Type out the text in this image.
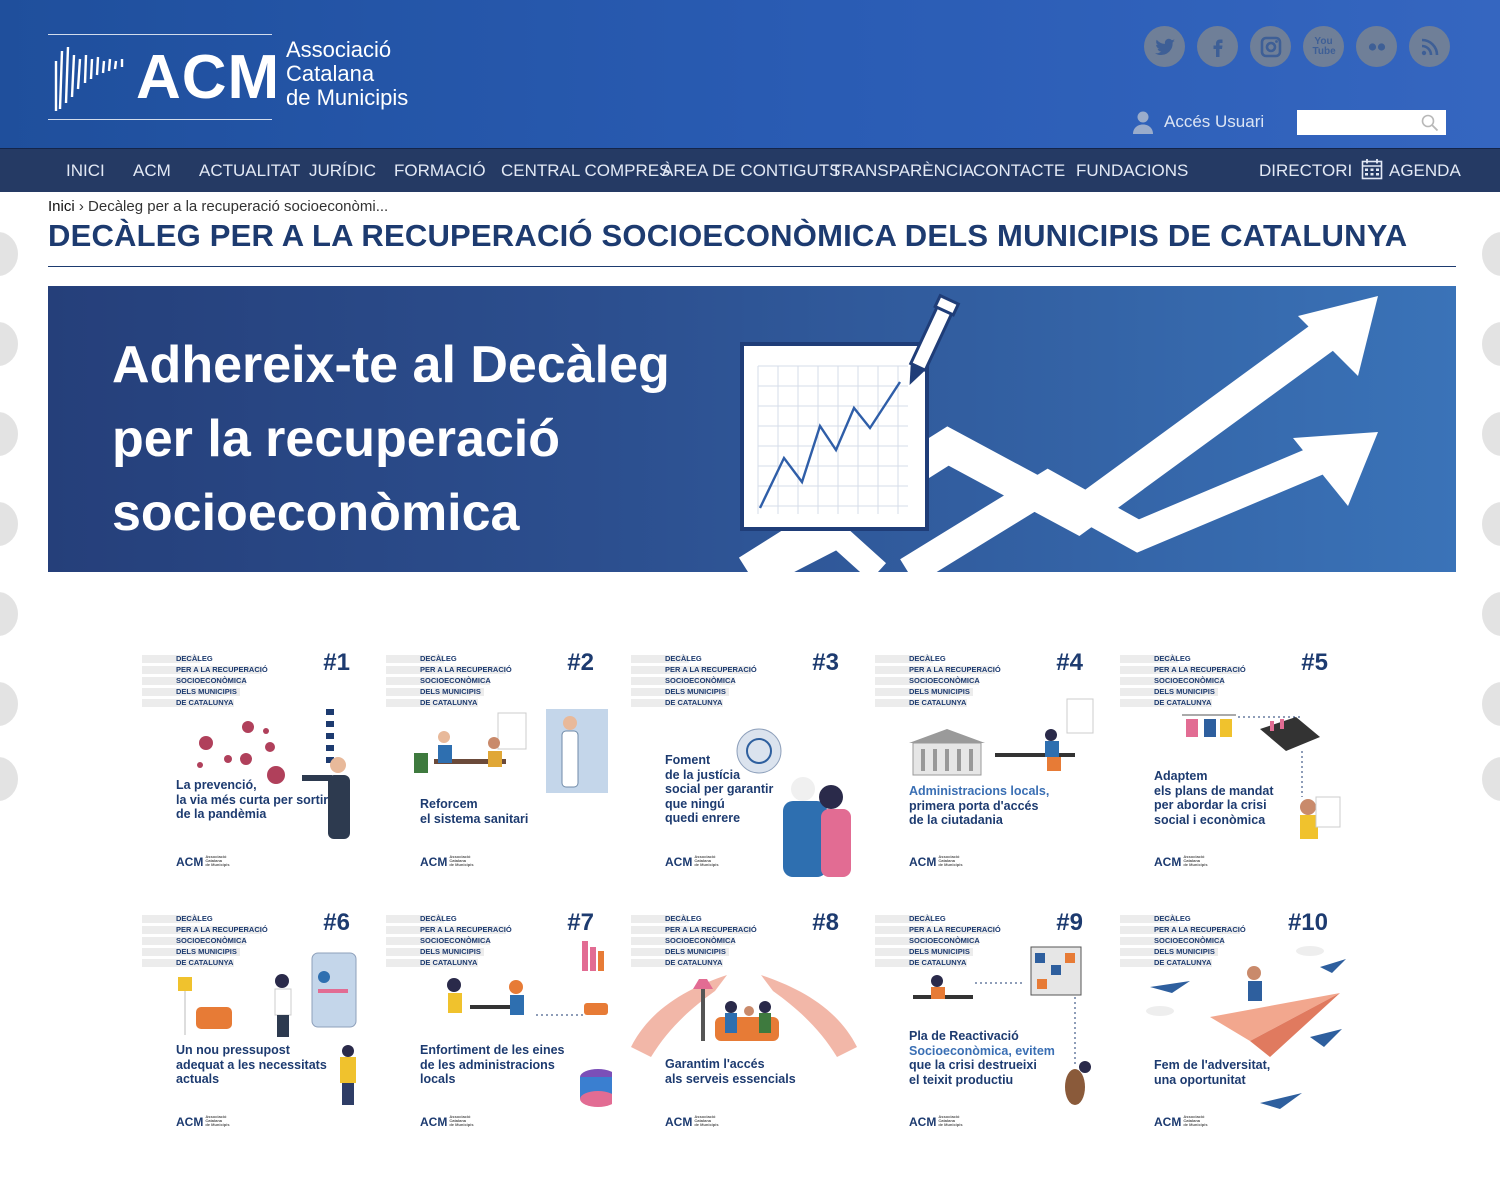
ACM Associació
Catalana
de Municipis
You Tube
Accés Usuari
INICI ACM ACTUALITAT JURÍDIC FORMACIÓ CENTRAL COMPRES
ÀREA DE CONTIGUTS
TRANSPARÈNCIA
CONTACTE FUNDACIONS	DIRECTORI	AGENDA
Inici › Decàleg per a la recuperació socioeconòmi...
DECÀLEG PER A LA RECUPERACIÓ SOCIOECONÒMICA DELS MUNICIPIS DE CATALUNYA
Adhereix-te al Decàleg
per la recuperació
socioeconòmica
DECÀLEG
PER A LA RECUPERACIÓ
SOCIOECONÒMICA
DELS MUNICIPIS
DE CATALUNYA
#1
La prevenció,
la via més curta per sortir
de la pandèmia
ACM Associació
Catalana
de Municipis
DECÀLEG
PER A LA RECUPERACIÓ
SOCIOECONÒMICA
DELS MUNICIPIS
DE CATALUNYA
#2
Reforcem
el sistema sanitari
ACM Associació
Catalana
de Municipis
DECÀLEG
PER A LA RECUPERACIÓ
SOCIOECONÒMICA
DELS MUNICIPIS
DE CATALUNYA
#3
Foment
de la justícia
social per garantir
que ningú
quedi enrere
ACM Associació
Catalana
de Municipis
DECÀLEG
PER A LA RECUPERACIÓ
SOCIOECONÒMICA
DELS MUNICIPIS
DE CATALUNYA
#4
Administracions locals,
primera porta d'accés
de la ciutadania
ACM Associació
Catalana
de Municipis
DECÀLEG
PER A LA RECUPERACIÓ
SOCIOECONÒMICA
DELS MUNICIPIS
DE CATALUNYA
#5
Adaptem
els plans de mandat
per abordar la crisi
social i econòmica
ACM Associació
Catalana
de Municipis
DECÀLEG
PER A LA RECUPERACIÓ
SOCIOECONÒMICA
DELS MUNICIPIS
DE CATALUNYA
#6
Un nou pressupost
adequat a les necessitats
actuals
ACM Associació
Catalana
de Municipis
DECÀLEG
PER A LA RECUPERACIÓ
SOCIOECONÒMICA
DELS MUNICIPIS
DE CATALUNYA
#7
Enfortiment de les eines
de les administracions
locals
ACM Associació
Catalana
de Municipis
DECÀLEG
PER A LA RECUPERACIÓ
SOCIOECONÒMICA
DELS MUNICIPIS
DE CATALUNYA
#8
Garantim l'accés
als serveis essencials
ACM Associació
Catalana
de Municipis
DECÀLEG
PER A LA RECUPERACIÓ
SOCIOECONÒMICA
DELS MUNICIPIS
DE CATALUNYA
#9
Pla de Reactivació
Socioeconòmica, evitem
que la crisi destrueixi
el teixit productiu
ACM Associació
Catalana
de Municipis
DECÀLEG
PER A LA RECUPERACIÓ
SOCIOECONÒMICA
DELS MUNICIPIS
DE CATALUNYA
#10
Fem de l'adversitat,
una oportunitat
ACM Associació
Catalana
de Municipis
